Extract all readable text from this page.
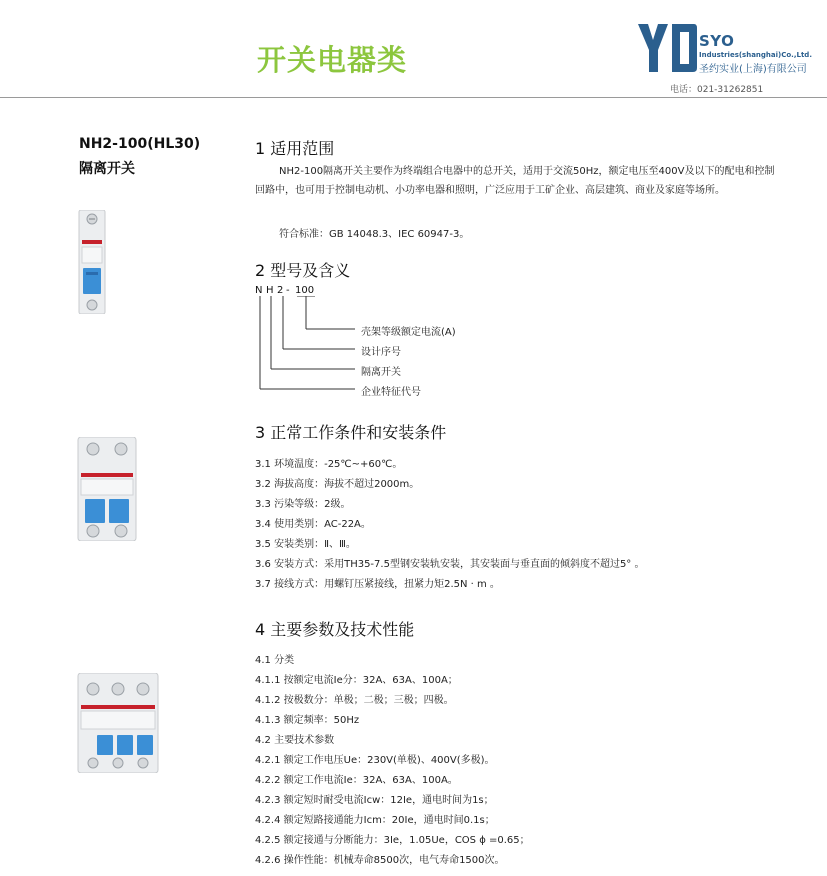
开关电器类
SYO
Industries(shanghai)Co.,Ltd.
圣约实业(上海)有限公司
电话：021-31262851
NH2-100(HL30)
隔离开关
1 适用范围
NH2-100隔离开关主要作为终端组合电器中的总开关，适用于交流50Hz，额定电压至400V及以下的配电和控制回路中，也可用于控制电动机、小功率电器和照明，广泛应用于工矿企业、高层建筑、商业及家庭等场所。
符合标准：GB 14048.3、IEC 60947-3。
2 型号及含义
N H 2 - 100
壳架等级额定电流(A)
设计序号
隔离开关
企业特征代号
3 正常工作条件和安装条件
3.1 环境温度：-25℃~+60℃。
3.2 海拔高度：海拔不超过2000m。
3.3 污染等级：2级。
3.4 使用类别：AC-22A。
3.5 安装类别：Ⅱ、Ⅲ。
3.6 安装方式：采用TH35-7.5型钢安装轨安装，其安装面与垂直面的倾斜度不超过5° 。
3.7 接线方式：用螺钉压紧接线，扭紧力矩2.5N · m 。
4 主要参数及技术性能
4.1 分类
4.1.1 按额定电流Ie分：32A、63A、100A；
4.1.2 按极数分：单极；二极；三极；四极。
4.1.3 额定频率：50Hz
4.2 主要技术参数
4.2.1 额定工作电压Ue：230V(单极)、400V(多极)。
4.2.2 额定工作电流Ie：32A、63A、100A。
4.2.3 额定短时耐受电流Icw：12Ie，通电时间为1s；
4.2.4 额定短路接通能力Icm：20Ie，通电时间0.1s；
4.2.5 额定接通与分断能力：3Ie，1.05Ue，COS ϕ =0.65；
4.2.6 操作性能：机械寿命8500次，电气寿命1500次。
